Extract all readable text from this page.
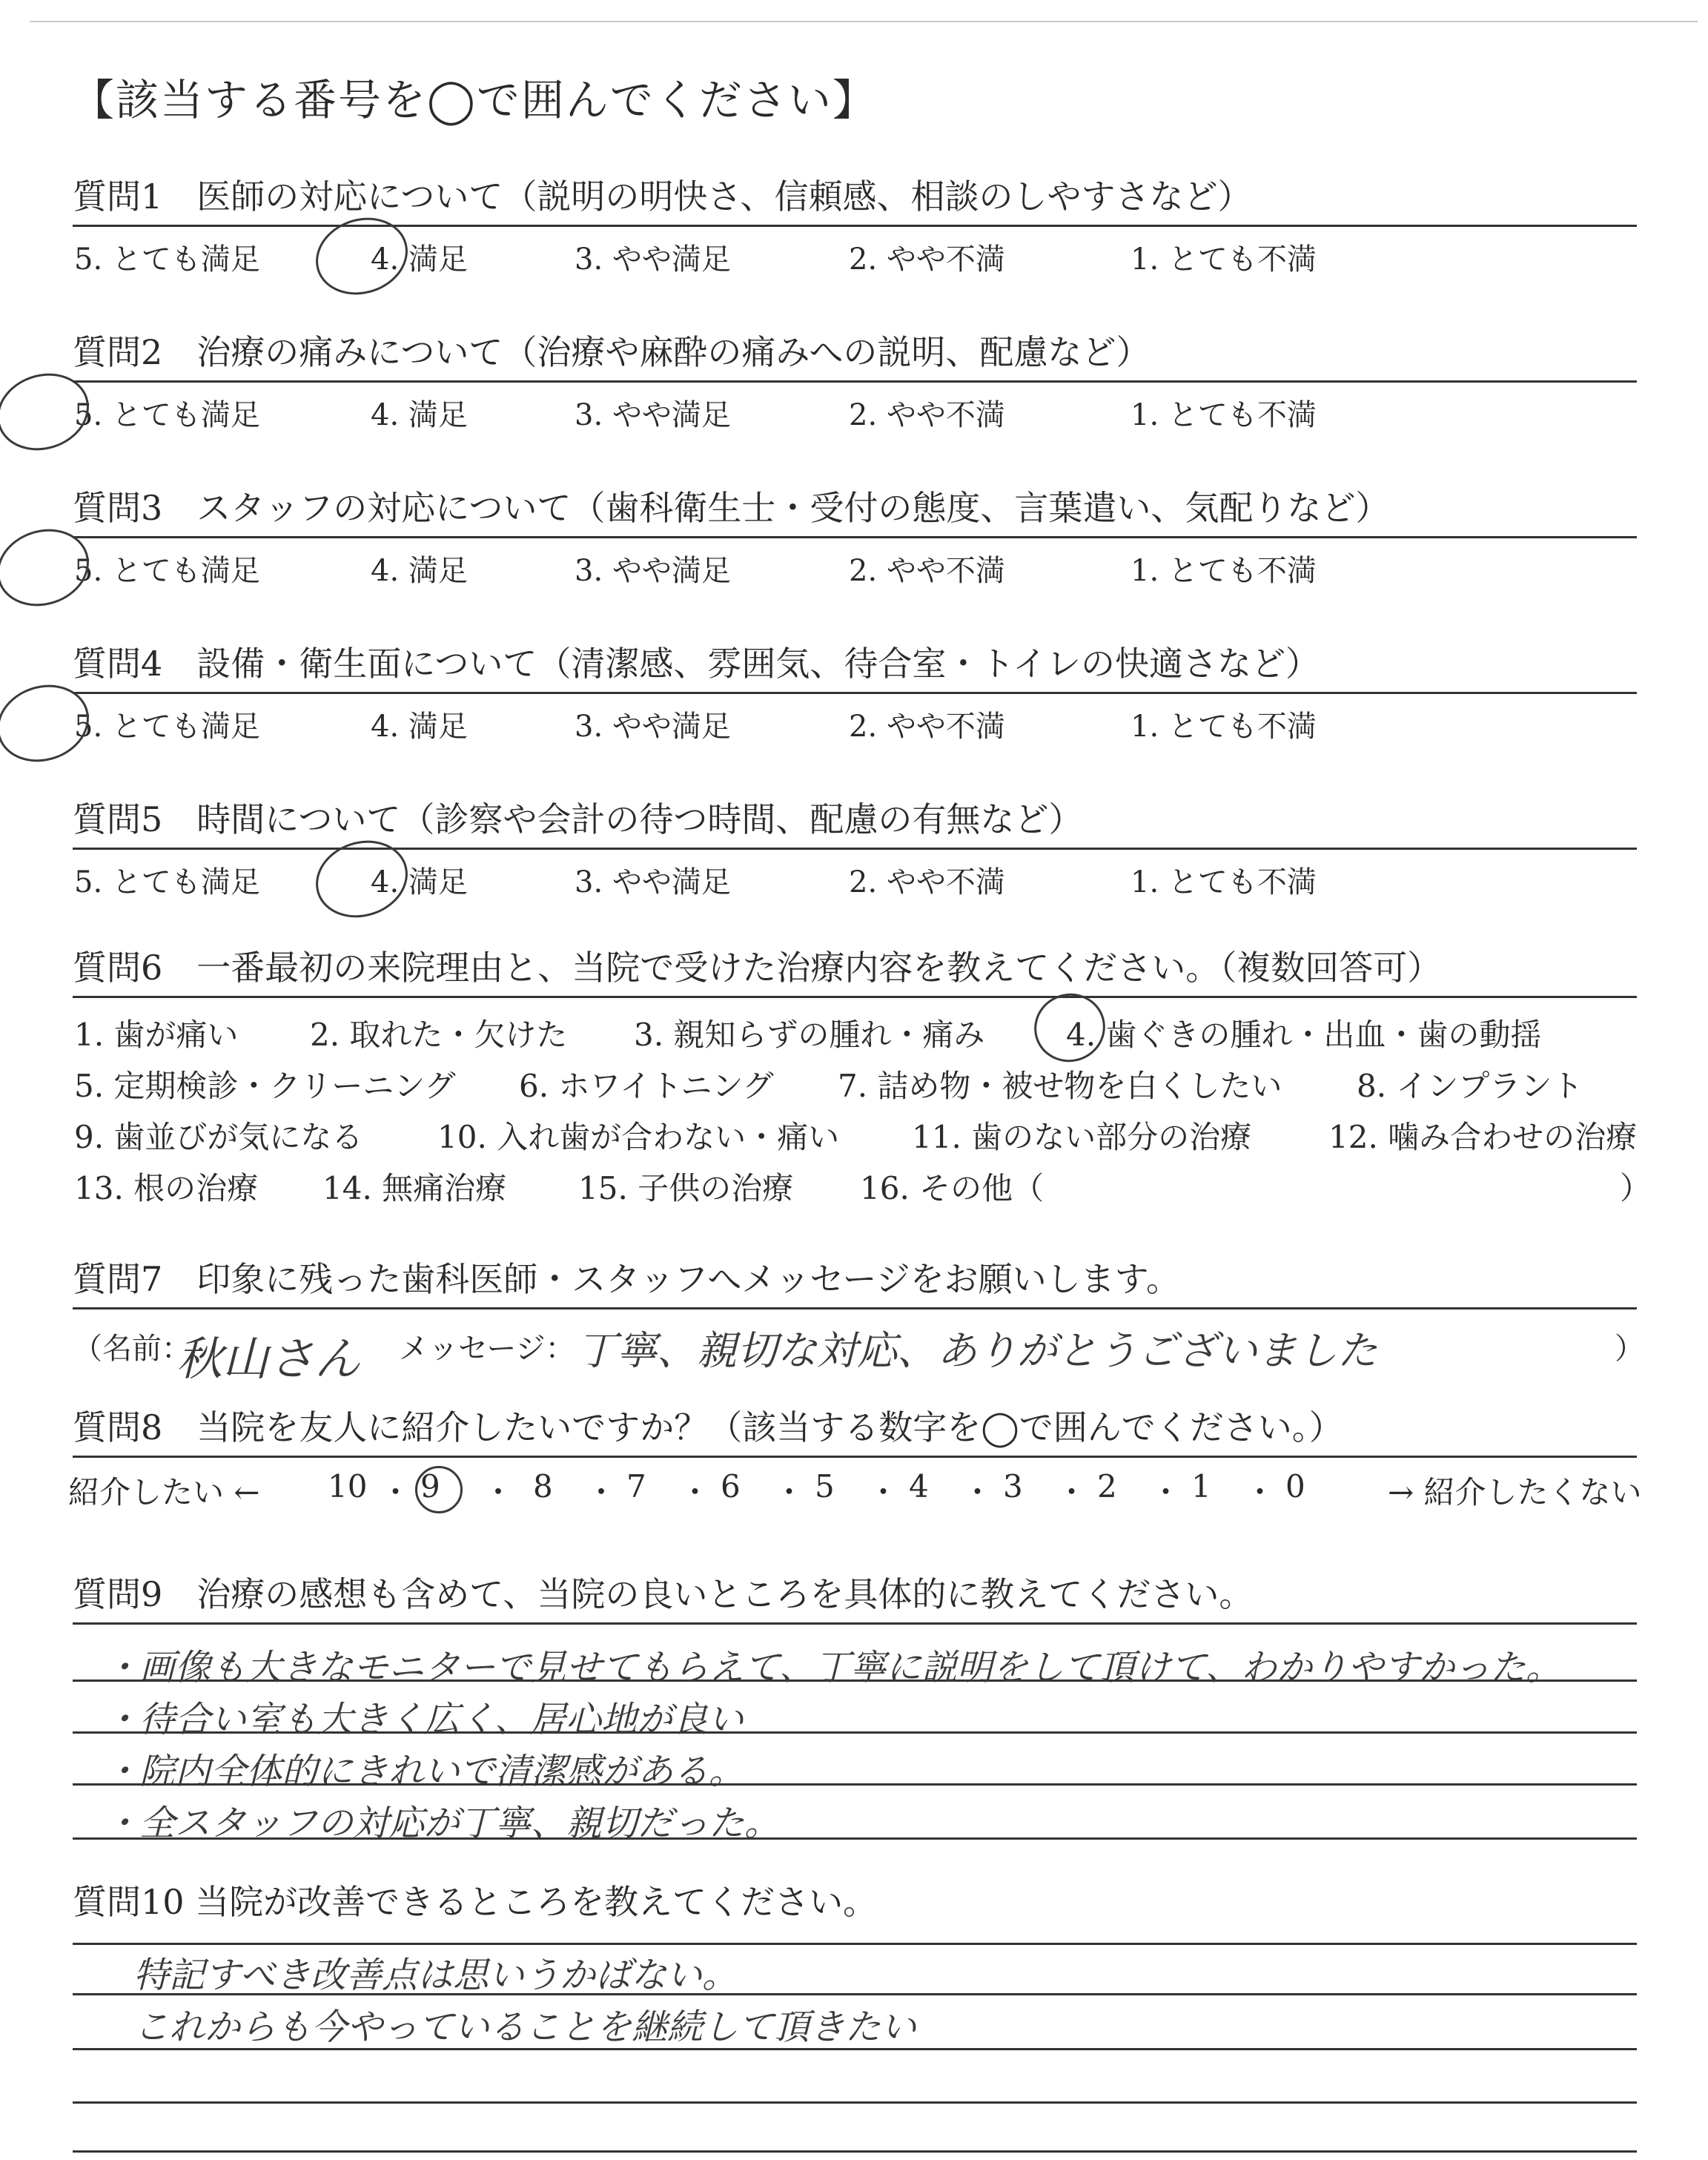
【該当する番号を◯で囲んでください】
質問1　医師の対応について（説明の明快さ、信頼感、相談のしやすさなど）
5. とても満足	4. 満足	3. やや満足	2. やや不満	1. とても不満
質問2　治療の痛みについて（治療や麻酔の痛みへの説明、配慮など）
5. とても満足	4. 満足	3. やや満足	2. やや不満	1. とても不満
質問3　スタッフの対応について（歯科衛生士・受付の態度、言葉遣い、気配りなど）
5. とても満足	4. 満足	3. やや満足	2. やや不満	1. とても不満
質問4　設備・衛生面について（清潔感、雰囲気、待合室・トイレの快適さなど）
5. とても満足	4. 満足	3. やや満足	2. やや不満	1. とても不満
質問5　時間について（診察や会計の待つ時間、配慮の有無など）
5. とても満足	4. 満足	3. やや満足	2. やや不満	1. とても不満
質問6　一番最初の来院理由と、当院で受けた治療内容を教えてください。（複数回答可）
1. 歯が痛い 2. 取れた・欠けた 3. 親知らずの腫れ・痛み	4. 歯ぐきの腫れ・出血・歯の動揺
5. 定期検診・クリーニング 6. ホワイトニング 7. 詰め物・被せ物を白くしたい 8. インプラント
9. 歯並びが気になる 10. 入れ歯が合わない・痛い 11. 歯のない部分の治療 12. 噛み合わせの治療
13. 根の治療 14. 無痛治療 15. 子供の治療 16. その他（	）
質問7　印象に残った歯科医師・スタッフへメッセージをお願いします。
（名前：
秋山さん メッセージ： 丁寧、親切な対応、ありがとうございました	）
質問8　当院を友人に紹介したいですか？（該当する数字を◯で囲んでください。）
紹介したい ←	→ 紹介したくない
10 9	8 7 6 5 4 3 2 1 0
・ ・ ・ ・ ・ ・ ・ ・ ・ ・
質問9　治療の感想も含めて、当院の良いところを具体的に教えてください。
・画像も大きなモニターで見せてもらえて、丁寧に説明をして頂けて、わかりやすかった。
・待合い室も大きく広く、居心地が良い
・院内全体的にきれいで清潔感がある。
・全スタッフの対応が丁寧、親切だった。
質問10 当院が改善できるところを教えてください。
特記すべき改善点は思いうかばない。
これからも今やっていることを継続して頂きたい
